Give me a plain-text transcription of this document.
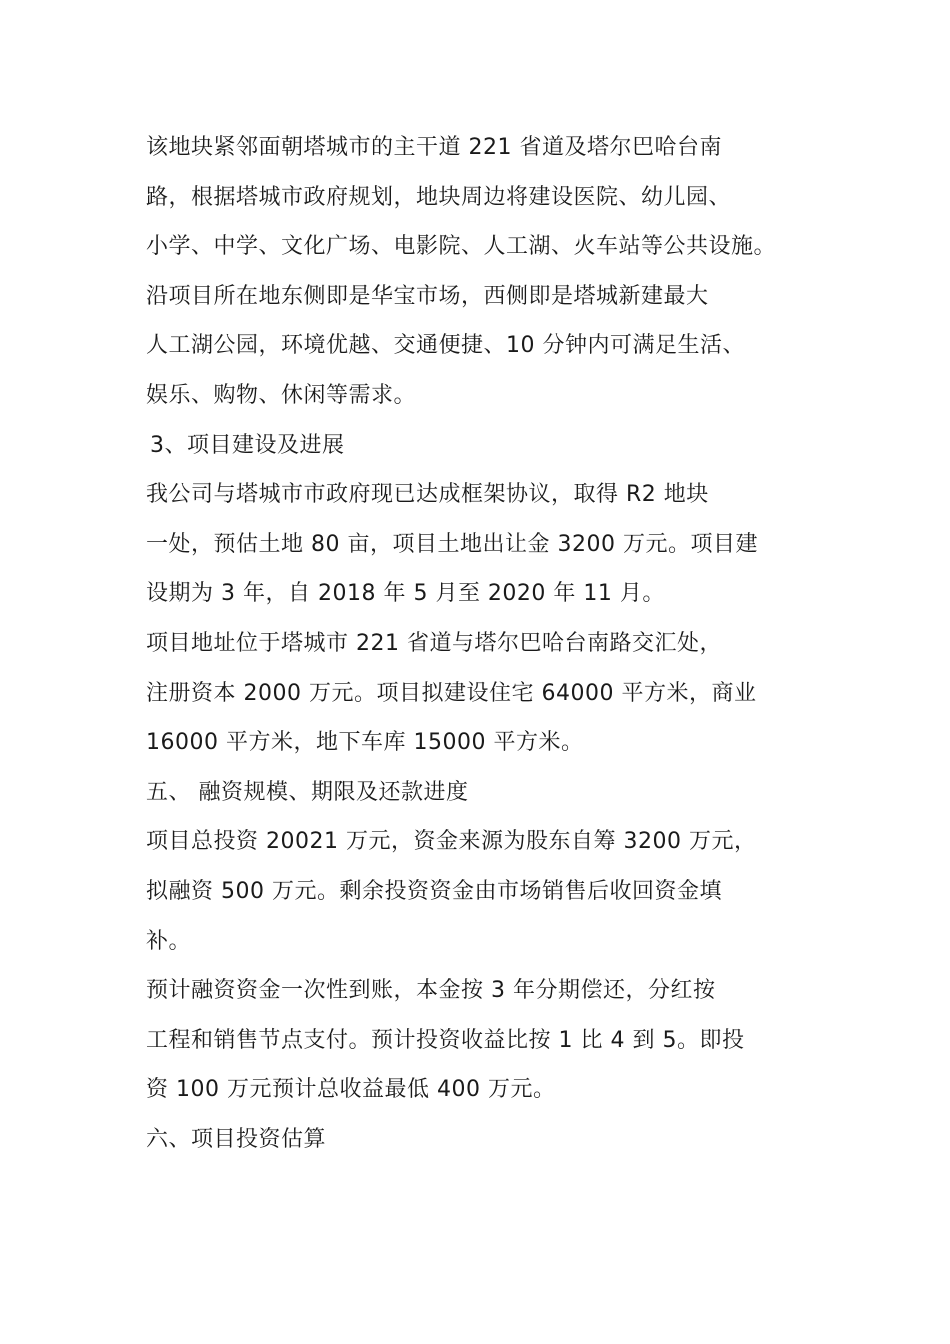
该地块紧邻面朝塔城市的主干道 221 省道及塔尔巴哈台南
路，根据塔城市政府规划，地块周边将建设医院、幼儿园、
小学、中学、文化广场、电影院、人工湖、火车站等公共设施。
沿项目所在地东侧即是华宝市场，西侧即是塔城新建最大
人工湖公园，环境优越、交通便捷、10 分钟内可满足生活、
娱乐、购物、休闲等需求。
3、项目建设及进展
我公司与塔城市市政府现已达成框架协议，取得 R2 地块
一处，预估土地 80 亩，项目土地出让金 3200 万元。项目建
设期为 3 年，自 2018 年 5 月至 2020 年 11 月。
项目地址位于塔城市 221 省道与塔尔巴哈台南路交汇处，
注册资本 2000 万元。项目拟建设住宅 64000 平方米，商业
16000 平方米，地下车库 15000 平方米。
五、 融资规模、期限及还款进度
项目总投资 20021 万元，资金来源为股东自筹 3200 万元，
拟融资 500 万元。剩余投资资金由市场销售后收回资金填
补。
预计融资资金一次性到账，本金按 3 年分期偿还，分红按
工程和销售节点支付。预计投资收益比按 1 比 4 到 5。即投
资 100 万元预计总收益最低 400 万元。
六、项目投资估算
